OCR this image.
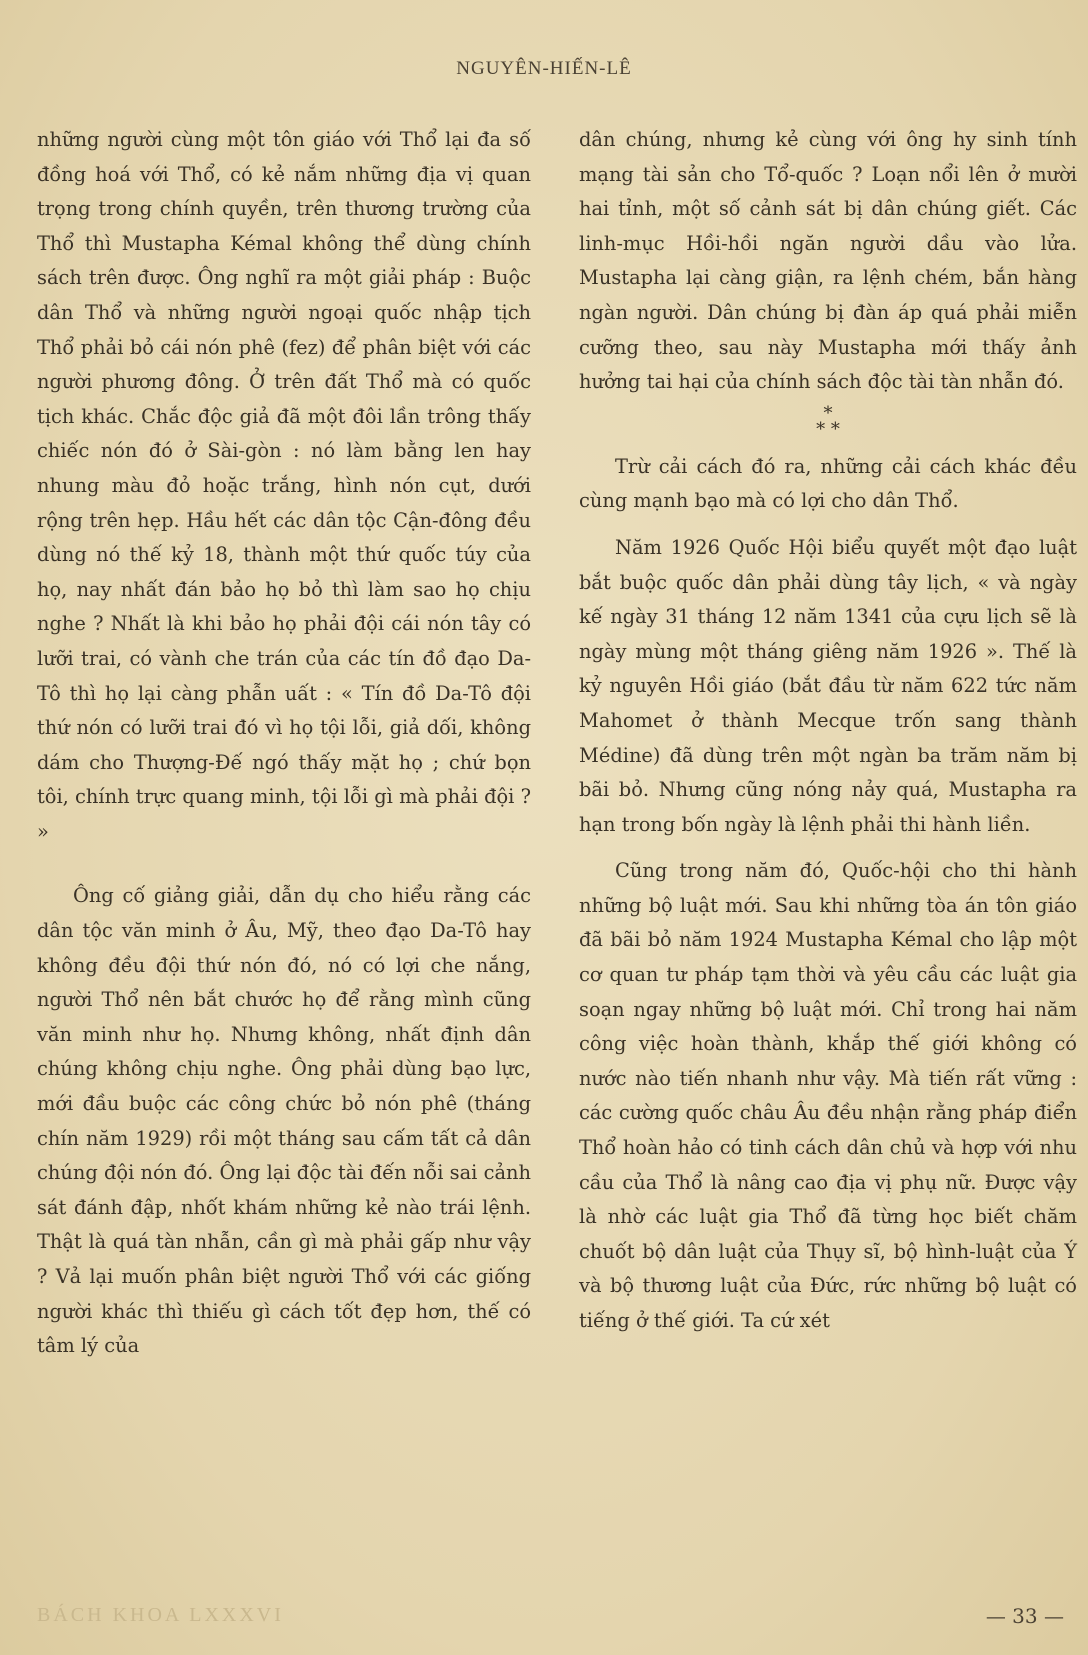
NGUYÊN-HIẾN-LÊ

những người cùng một tôn giáo với Thổ lại đa số đồng hoá với Thổ, có kẻ nắm những địa vị quan trọng trong chính quyền, trên thương trường của Thổ thì Mustapha Kémal không thể dùng chính sách trên được. Ông nghĩ ra một giải pháp : Buộc dân Thổ và những người ngoại quốc nhập tịch Thổ phải bỏ cái nón phê (fez) để phân biệt với các người phương đông. Ở trên đất Thổ mà có quốc tịch khác. Chắc độc giả đã một đôi lần trông thấy chiếc nón đó ở Sài-gòn : nó làm bằng len hay nhung màu đỏ hoặc trắng, hình nón cụt, dưới rộng trên hẹp. Hầu hết các dân tộc Cận-đông đều dùng nó thế kỷ 18, thành một thứ quốc túy của họ, nay nhất đán bảo họ bỏ thì làm sao họ chịu nghe ? Nhất là khi bảo họ phải đội cái nón tây có lưỡi trai, có vành che trán của các tín đồ đạo Da-Tô thì họ lại càng phẫn uất : « Tín đồ Da-Tô đội thứ nón có lưỡi trai đó vì họ tội lỗi, giả dối, không dám cho Thượng-Đế ngó thấy mặt họ ; chứ bọn tôi, chính trực quang minh, tội lỗi gì mà phải đội ? »

Ông cố giảng giải, dẫn dụ cho hiểu rằng các dân tộc văn minh ở Âu, Mỹ, theo đạo Da-Tô hay không đều đội thứ nón đó, nó có lợi che nắng, người Thổ nên bắt chước họ để rằng mình cũng văn minh như họ. Nhưng không, nhất định dân chúng không chịu nghe. Ông phải dùng bạo lực, mới đầu buộc các công chức bỏ nón phê (tháng chín năm 1929) rồi một tháng sau cấm tất cả dân chúng đội nón đó. Ông lại độc tài đến nỗi sai cảnh sát đánh đập, nhốt khám những kẻ nào trái lệnh. Thật là quá tàn nhẫn, cần gì mà phải gấp như vậy ? Vả lại muốn phân biệt người Thổ với các giống người khác thì thiếu gì cách tốt đẹp hơn, thế có tâm lý của

dân chúng, nhưng kẻ cùng với ông hy sinh tính mạng tài sản cho Tổ-quốc ? Loạn nổi lên ở mười hai tỉnh, một số cảnh sát bị dân chúng giết. Các linh-mục Hồi-hồi ngăn người dầu vào lửa. Mustapha lại càng giận, ra lệnh chém, bắn hàng ngàn người. Dân chúng bị đàn áp quá phải miễn cưỡng theo, sau này Mustapha mới thấy ảnh hưởng tai hại của chính sách độc tài tàn nhẫn đó.

*
* *

Trừ cải cách đó ra, những cải cách khác đều cùng mạnh bạo mà có lợi cho dân Thổ.

Năm 1926 Quốc Hội biểu quyết một đạo luật bắt buộc quốc dân phải dùng tây lịch, « và ngày kế ngày 31 tháng 12 năm 1341 của cựu lịch sẽ là ngày mùng một tháng giêng năm 1926 ». Thế là kỷ nguyên Hồi giáo (bắt đầu từ năm 622 tức năm Mahomet ở thành Mecque trốn sang thành Médine) đã dùng trên một ngàn ba trăm năm bị bãi bỏ. Nhưng cũng nóng nảy quá, Mustapha ra hạn trong bốn ngày là lệnh phải thi hành liền.

Cũng trong năm đó, Quốc-hội cho thi hành những bộ luật mới. Sau khi những tòa án tôn giáo đã bãi bỏ năm 1924 Mustapha Kémal cho lập một cơ quan tư pháp tạm thời và yêu cầu các luật gia soạn ngay những bộ luật mới. Chỉ trong hai năm công việc hoàn thành, khắp thế giới không có nước nào tiến nhanh như vậy. Mà tiến rất vững : các cường quốc châu Âu đều nhận rằng pháp điển Thổ hoàn hảo có tinh cách dân chủ và hợp với nhu cầu của Thổ là nâng cao địa vị phụ nữ. Được vậy là nhờ các luật gia Thổ đã từng học biết chăm chuốt bộ dân luật của Thụy sĩ, bộ hình-luật của Ý và bộ thương luật của Đức, rức những bộ luật có tiếng ở thế giới. Ta cứ xét

BÁCH KHOA LXXXVI	— 33 —
